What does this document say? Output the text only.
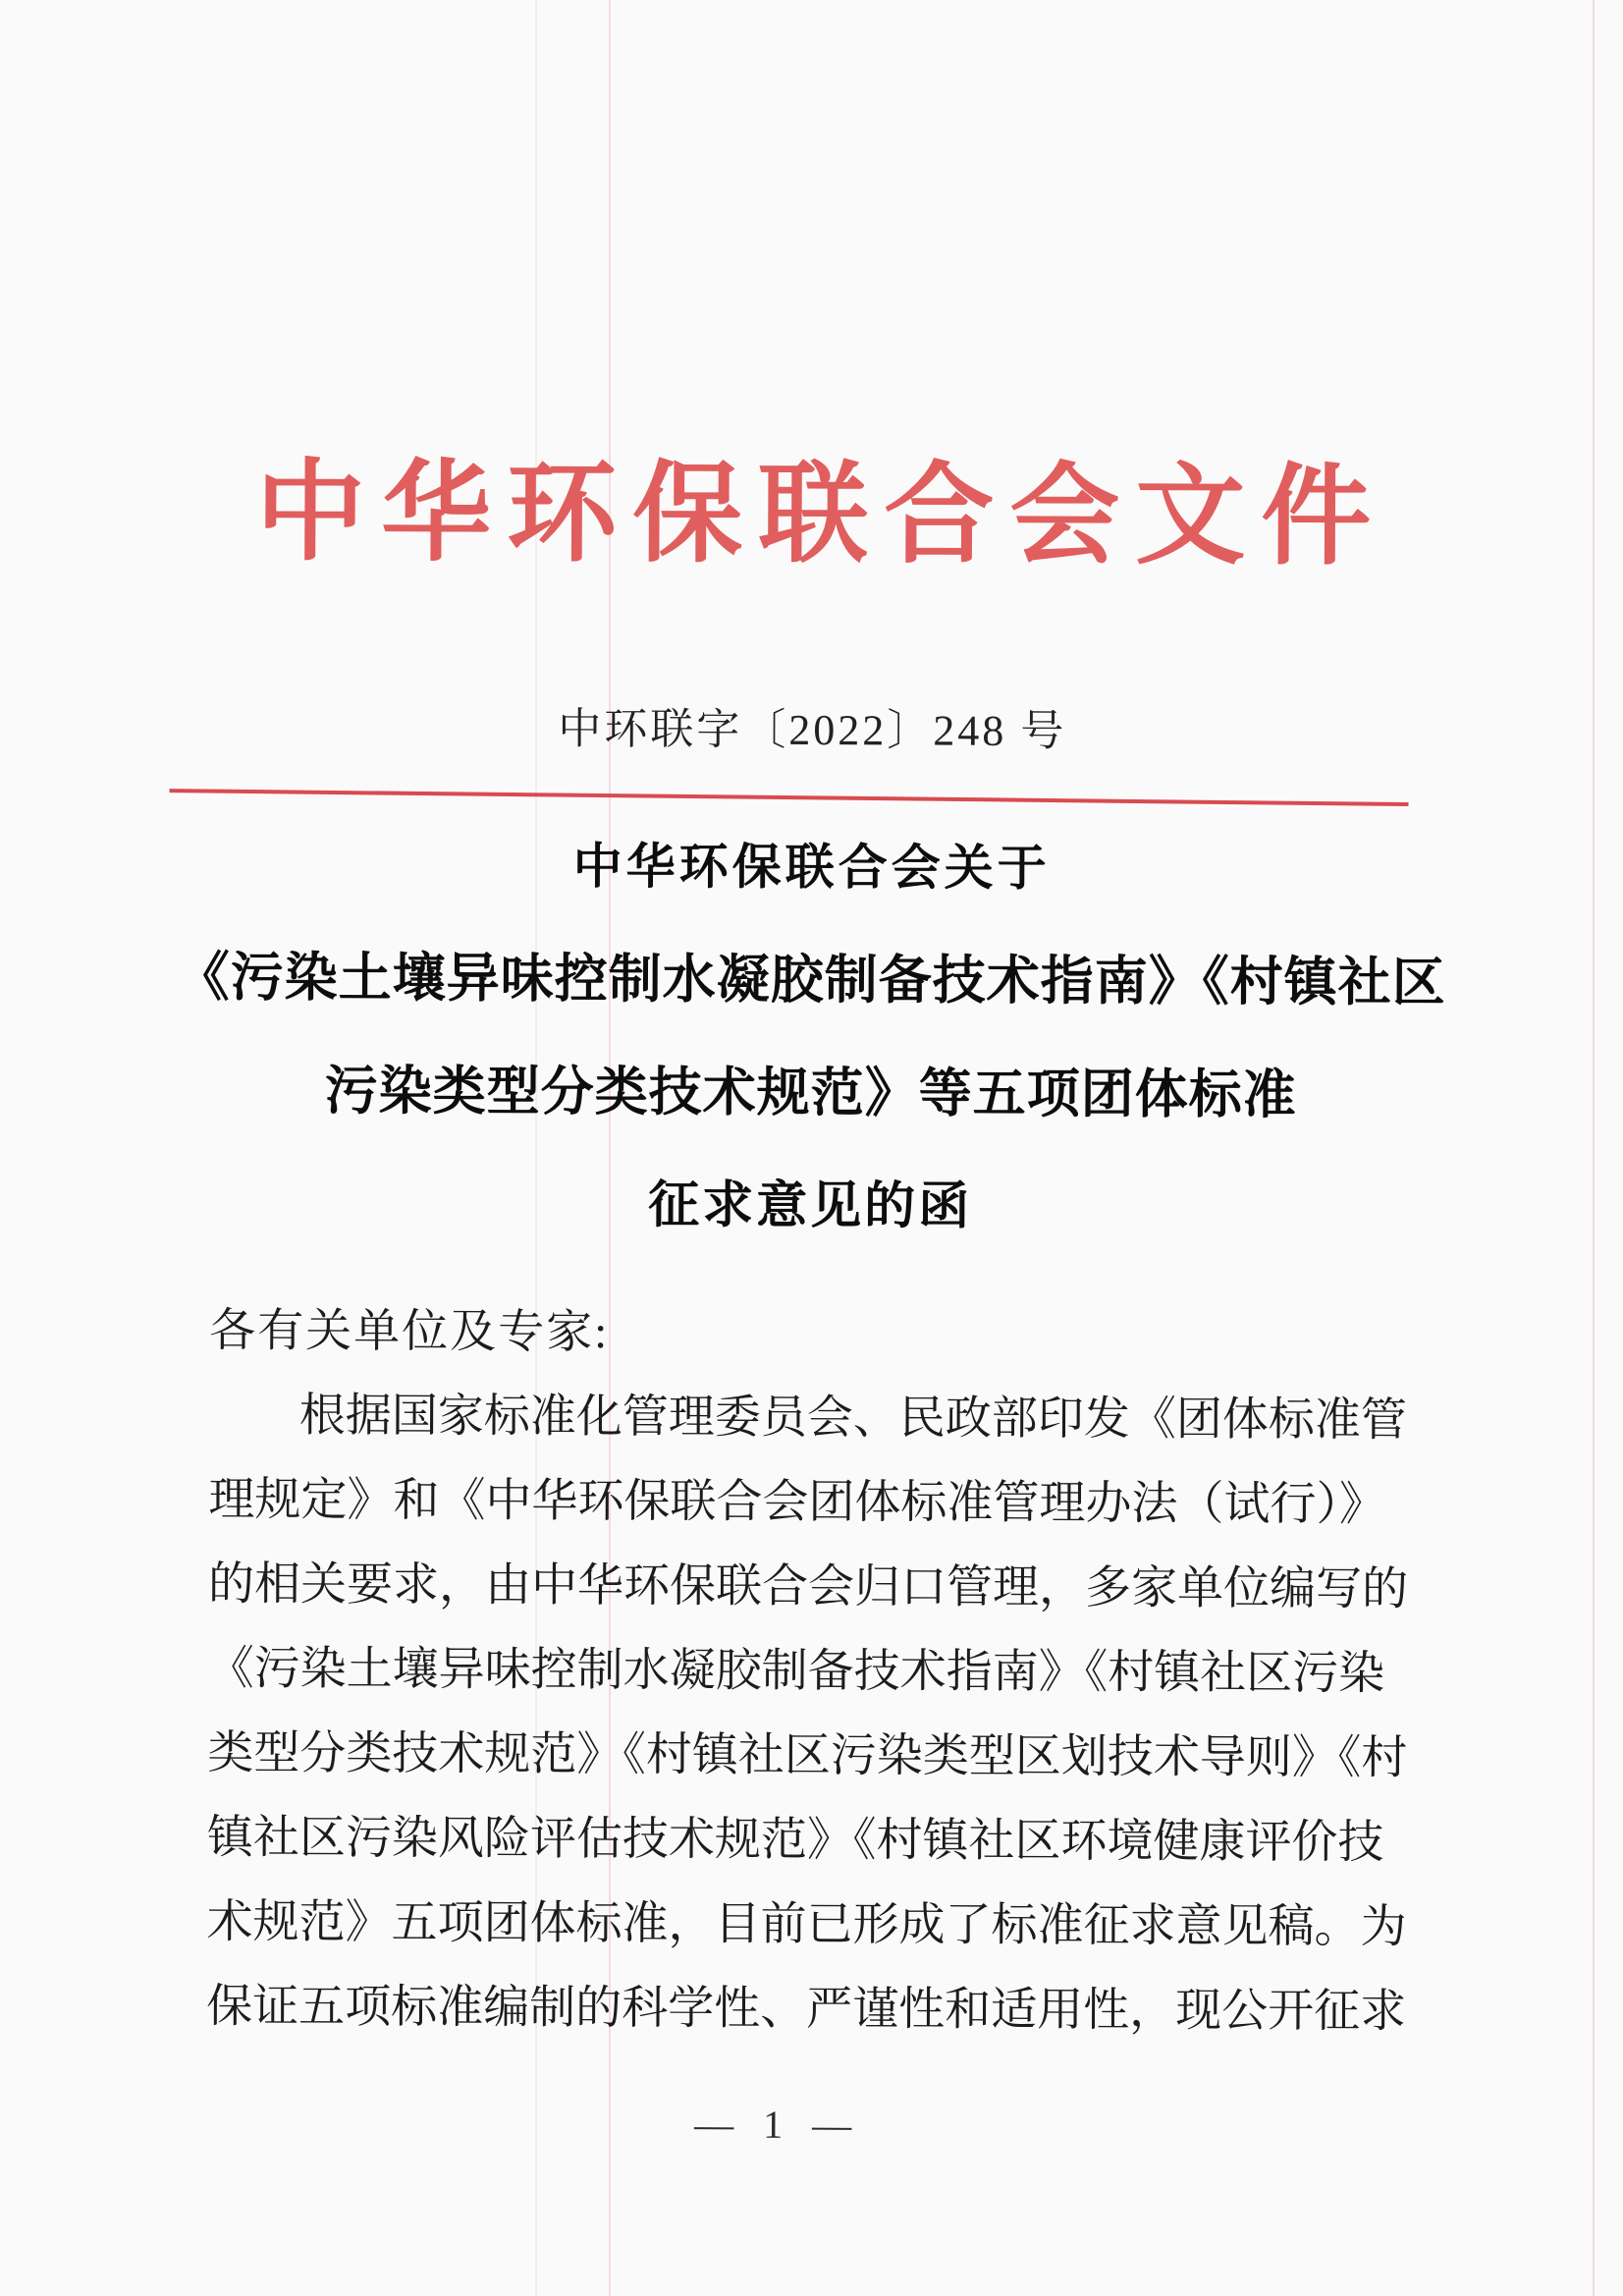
中华环保联合会文件
中环联字〔2022〕248 号
中华环保联合会关于
《污染土壤异味控制水凝胶制备技术指南》《村镇社区
污染类型分类技术规范》等五项团体标准
征求意见的函
各有关单位及专家:
根据国家标准化管理委员会、民政部印发《团体标准管
理规定》和《中华环保联合会团体标准管理办法（试行）》
的相关要求，由中华环保联合会归口管理，多家单位编写的
《污染土壤异味控制水凝胶制备技术指南》《村镇社区污染
类型分类技术规范》《村镇社区污染类型区划技术导则》《村
镇社区污染风险评估技术规范》《村镇社区环境健康评价技
术规范》五项团体标准，目前已形成了标准征求意见稿。为
保证五项标准编制的科学性、严谨性和适用性，现公开征求
— 1 —
